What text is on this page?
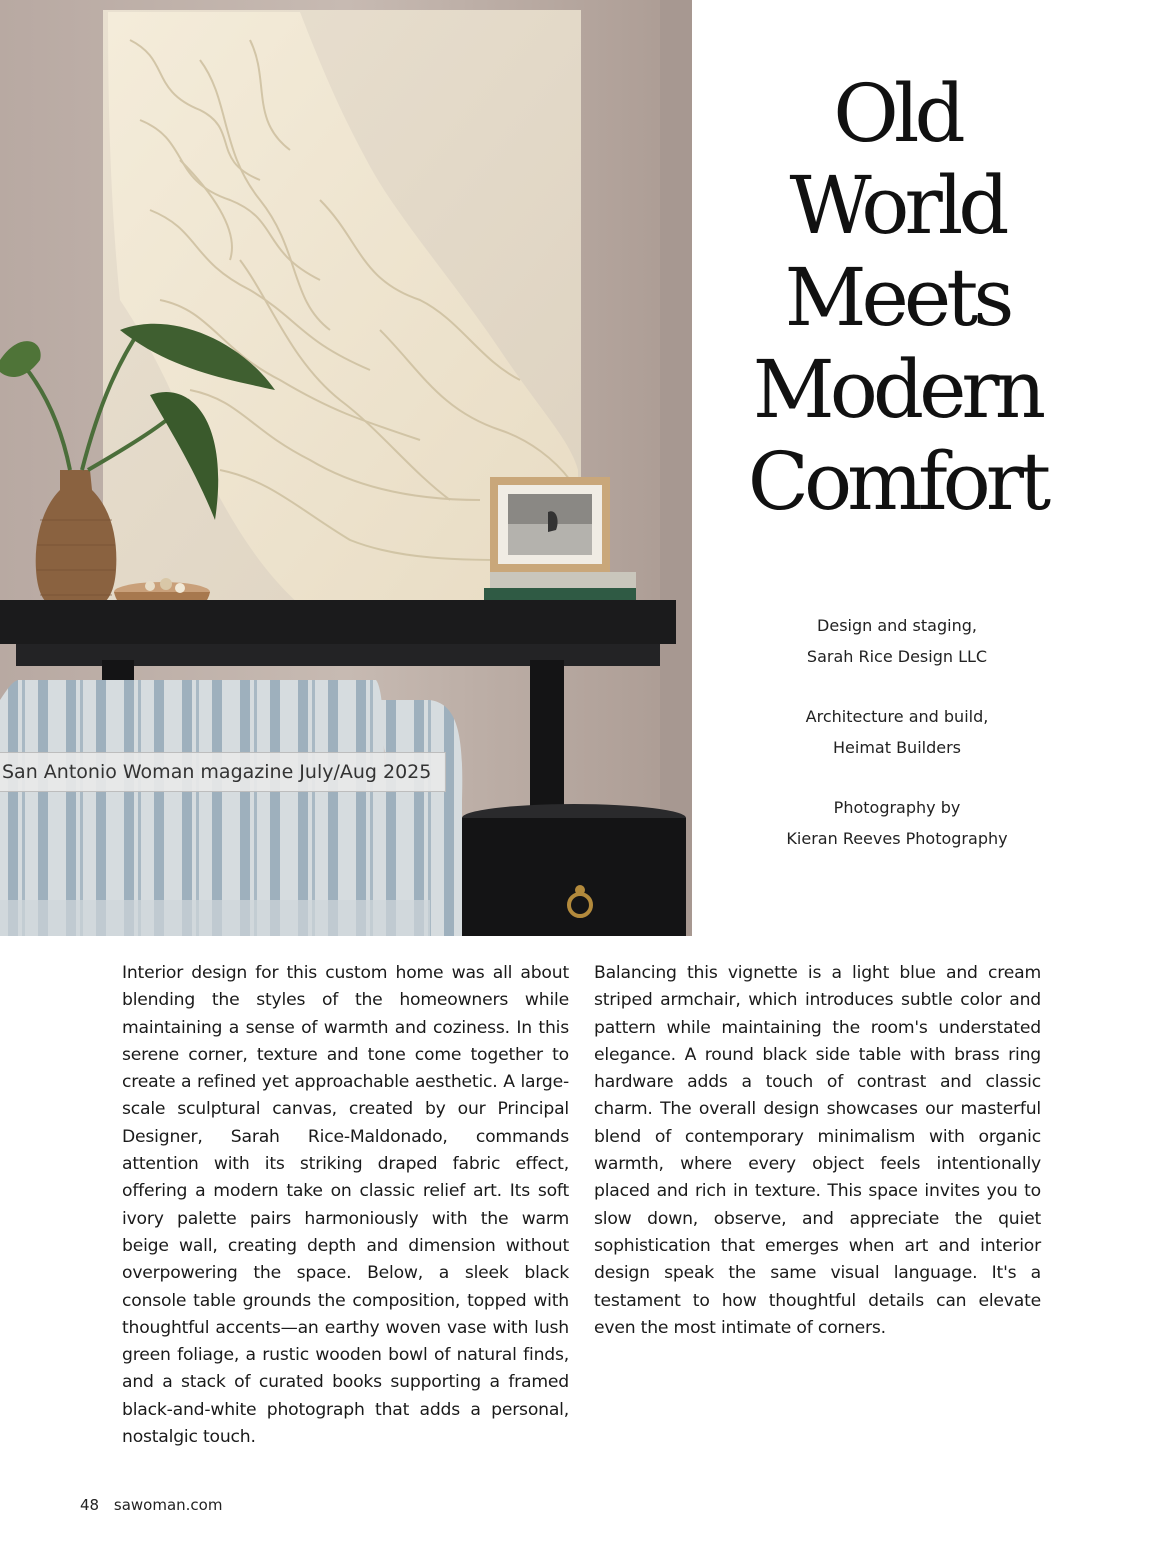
San Antonio Woman magazine July/Aug 2025
Old
World
Meets
Modern
Comfort
Design and staging,
Sarah Rice Design LLC
Architecture and build,
Heimat Builders
Photography by
Kieran Reeves Photography

Interior design for this custom home was all about blending the styles of the homeowners while maintaining a sense of warmth and coziness. In this serene corner, texture and tone come together to create a refined yet approachable aesthetic. A large-scale sculptural canvas, created by our Principal Designer, Sarah Rice-Maldonado, commands attention with its striking draped fabric effect, offering a modern take on classic relief art. Its soft ivory palette pairs harmoniously with the warm beige wall, creating depth and dimension without overpowering the space. Below, a sleek black console table grounds the composition, topped with thoughtful accents—an earthy woven vase with lush green foliage, a rustic wooden bowl of natural finds, and a stack of curated books supporting a framed black-and-white photograph that adds a personal, nostalgic touch.

Balancing this vignette is a light blue and cream striped armchair, which introduces subtle color and pattern while maintaining the room's understated elegance. A round black side table with brass ring hardware adds a touch of contrast and classic charm. The overall design showcases our masterful blend of contemporary minimalism with organic warmth, where every object feels intentionally placed and rich in texture. This space invites you to slow down, observe, and appreciate the quiet sophistication that emerges when art and interior design speak the same visual language. It's a testament to how thoughtful details can elevate even the most intimate of corners.

48 sawoman.com
